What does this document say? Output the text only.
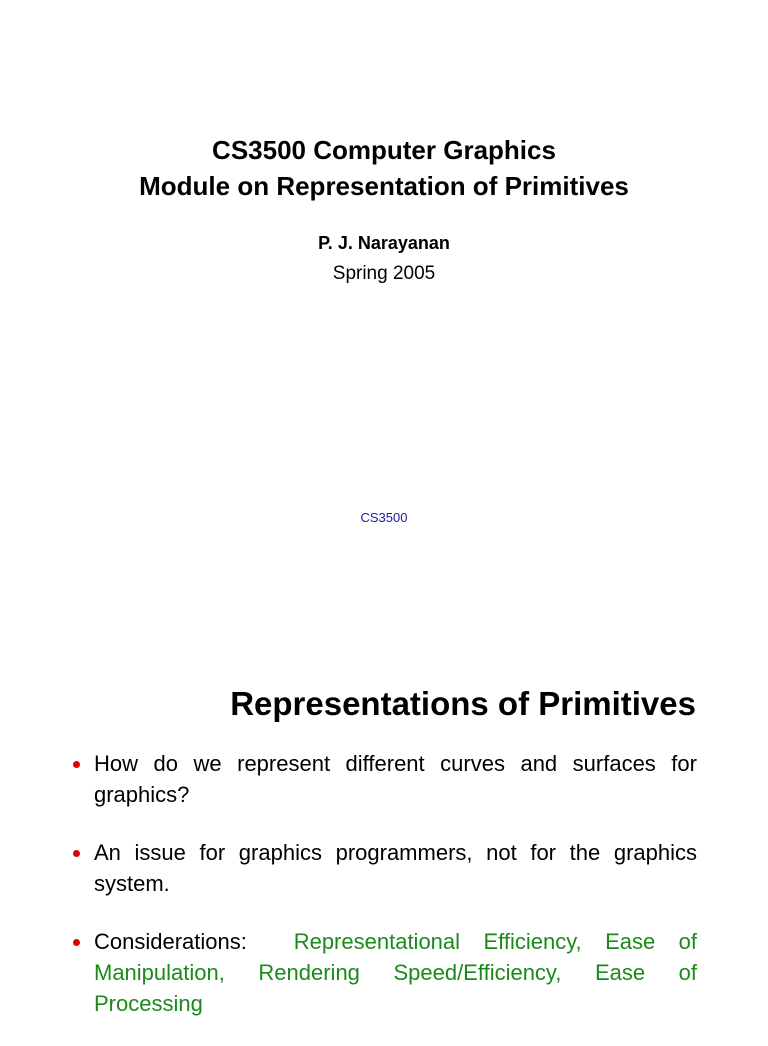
CS3500 Computer Graphics
Module on Representation of Primitives
P. J. Narayanan
Spring 2005
CS3500
Representations of Primitives
How do we represent different curves and surfaces for graphics?
An issue for graphics programmers, not for the graphics system.
Considerations: Representational Efficiency, Ease of Manipulation, Rendering Speed/Efficiency, Ease of Processing
